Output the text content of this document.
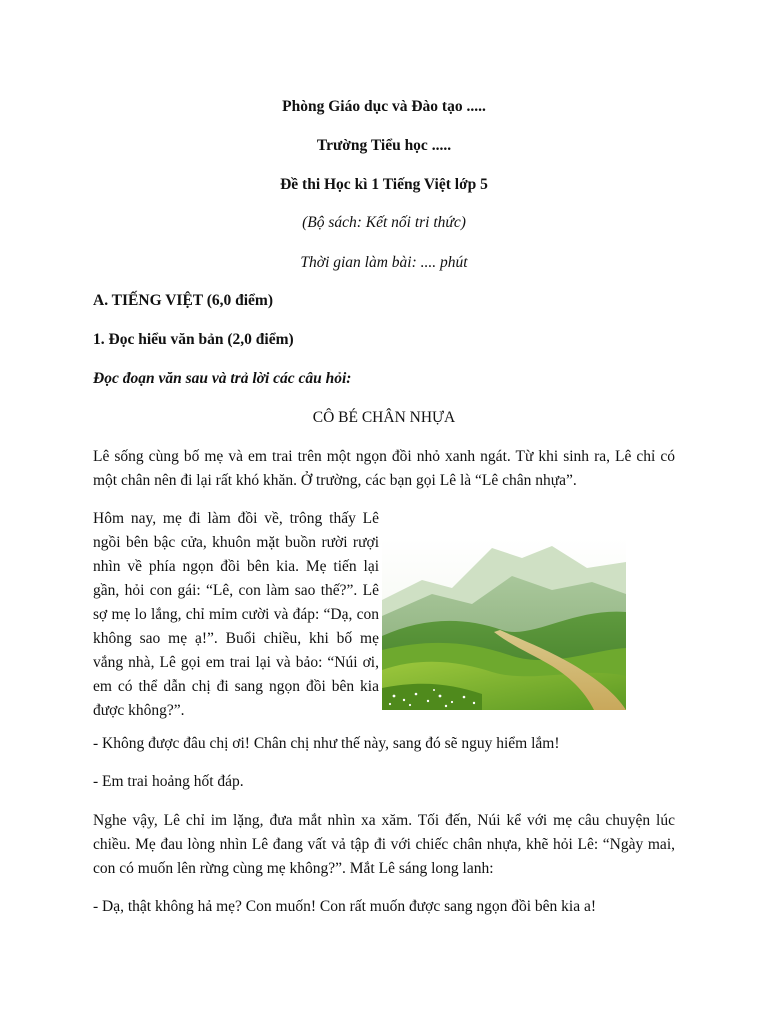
Phòng Giáo dục và Đào tạo .....

Trường Tiểu học .....

Đề thi Học kì 1 Tiếng Việt lớp 5

(Bộ sách: Kết nối tri thức)

Thời gian làm bài: .... phút

A. TIẾNG VIỆT (6,0 điểm)

1. Đọc hiểu văn bản (2,0 điểm)

Đọc đoạn văn sau và trả lời các câu hỏi:

CÔ BÉ CHÂN NHỰA

Lê sống cùng bố mẹ và em trai trên một ngọn đồi nhỏ xanh ngát. Từ khi sinh ra, Lê chỉ có một chân nên đi lại rất khó khăn. Ở trường, các bạn gọi Lê là “Lê chân nhựa”.

Hôm nay, mẹ đi làm đồi về, trông thấy Lê ngồi bên bậc cửa, khuôn mặt buồn rười rượi nhìn về phía ngọn đồi bên kia. Mẹ tiến lại gần, hỏi con gái: “Lê, con làm sao thế?”. Lê sợ mẹ lo lắng, chỉ mỉm cười và đáp: “Dạ, con không sao mẹ ạ!”. Buổi chiều, khi bố mẹ vắng nhà, Lê gọi em trai lại và bảo: “Núi ơi, em có thể dẫn chị đi sang ngọn đồi bên kia được không?”.

- Không được đâu chị ơi! Chân chị như thế này, sang đó sẽ nguy hiểm lắm!

- Em trai hoảng hốt đáp.

Nghe vậy, Lê chỉ im lặng, đưa mắt nhìn xa xăm. Tối đến, Núi kể với mẹ câu chuyện lúc chiều. Mẹ đau lòng nhìn Lê đang vất vả tập đi với chiếc chân nhựa, khẽ hỏi Lê: “Ngày mai, con có muốn lên rừng cùng mẹ không?”. Mắt Lê sáng long lanh:

- Dạ, thật không hả mẹ? Con muốn! Con rất muốn được sang ngọn đồi bên kia a!
